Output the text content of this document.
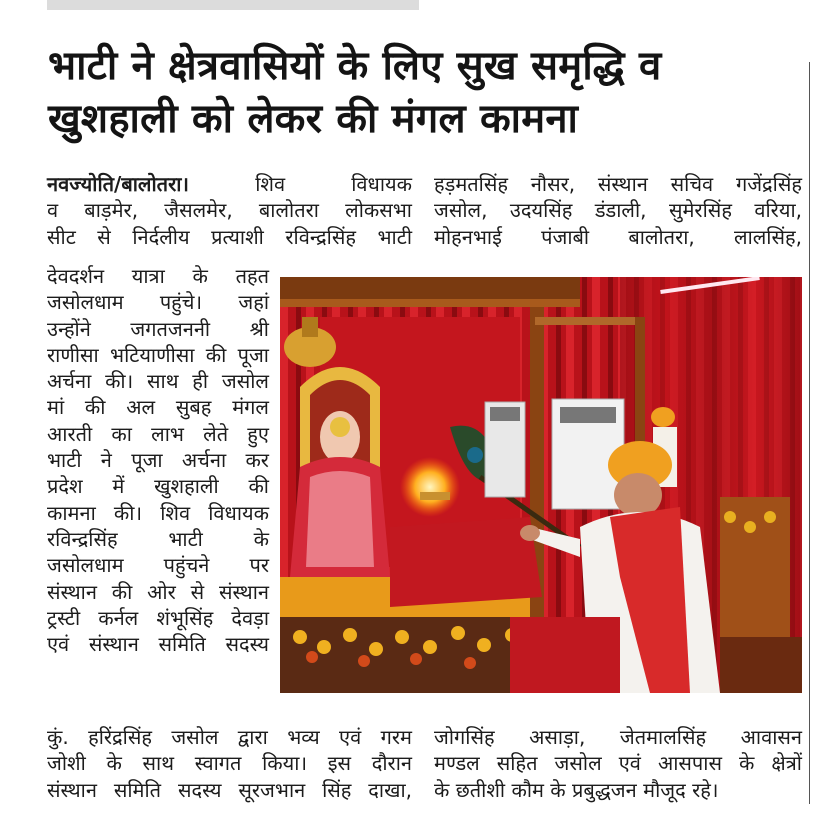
भाटी ने क्षेत्रवासियों के लिए सुख समृद्धि व
खुशहाली को लेकर की मंगल कामना

नवज्योति/बालोतरा।	शिव विधायक

व बाड़मेर, जैसलमेर, बालोतरा लोकसभा

सीट से निर्दलीय प्रत्याशी रविन्द्रसिंह भाटी

देवदर्शन यात्रा के तहत

जसोलधाम पहुंचे। जहां

उन्होंने जगतजननी श्री

राणीसा भटियाणीसा की पूजा

अर्चना की। साथ ही जसोल

मां की अल सुबह मंगल

आरती का लाभ लेते हुए

भाटी ने पूजा अर्चना कर

प्रदेश में खुशहाली की

कामना की। शिव विधायक

रविन्द्रसिंह भाटी के

जसोलधाम पहुंचने पर

संस्थान की ओर से संस्थान

ट्रस्टी कर्नल शंभूसिंह देवड़ा

एवं संस्थान समिति सदस्य

कुं. हरिंद्रसिंह जसोल द्वारा भव्य एवं गरम

जोशी के साथ स्वागत किया। इस दौरान

संस्थान समिति सदस्य सूरजभान सिंह दाखा,

हड़मतसिंह नौसर, संस्थान सचिव गजेंद्रसिंह

जसोल, उदयसिंह डंडाली, सुमेरसिंह वरिया,

मोहनभाई पंजाबी बालोतरा, लालसिंह,

जोगसिंह असाड़ा, जेतमालसिंह आवासन

मण्डल सहित जसोल एवं आसपास के क्षेत्रों

के छतीशी कौम के प्रबुद्धजन मौजूद रहे।
